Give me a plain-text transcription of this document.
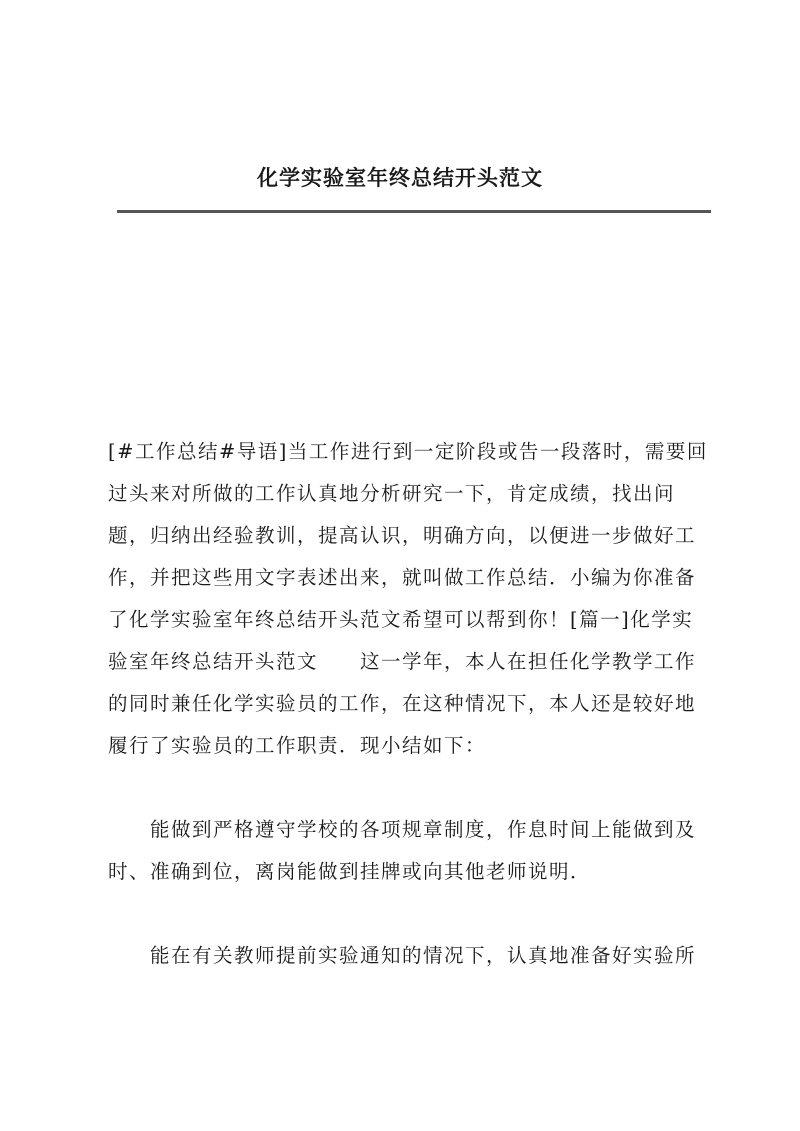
化学实验室年终总结开头范文
[#工作总结#导语]当工作进行到一定阶段或告一段落时，需要回
过头来对所做的工作认真地分析研究一下，肯定成绩，找出问
题，归纳出经验教训，提高认识，明确方向，以便进一步做好工
作，并把这些用文字表述出来，就叫做工作总结．小编为你准备
了化学实验室年终总结开头范文希望可以帮到你！[篇一]化学实
验室年终总结开头范文　　这一学年，本人在担任化学教学工作
的同时兼任化学实验员的工作，在这种情况下，本人还是较好地
履行了实验员的工作职责．现小结如下：
　　能做到严格遵守学校的各项规章制度，作息时间上能做到及
时、准确到位，离岗能做到挂牌或向其他老师说明．
　　能在有关教师提前实验通知的情况下，认真地准备好实验所
